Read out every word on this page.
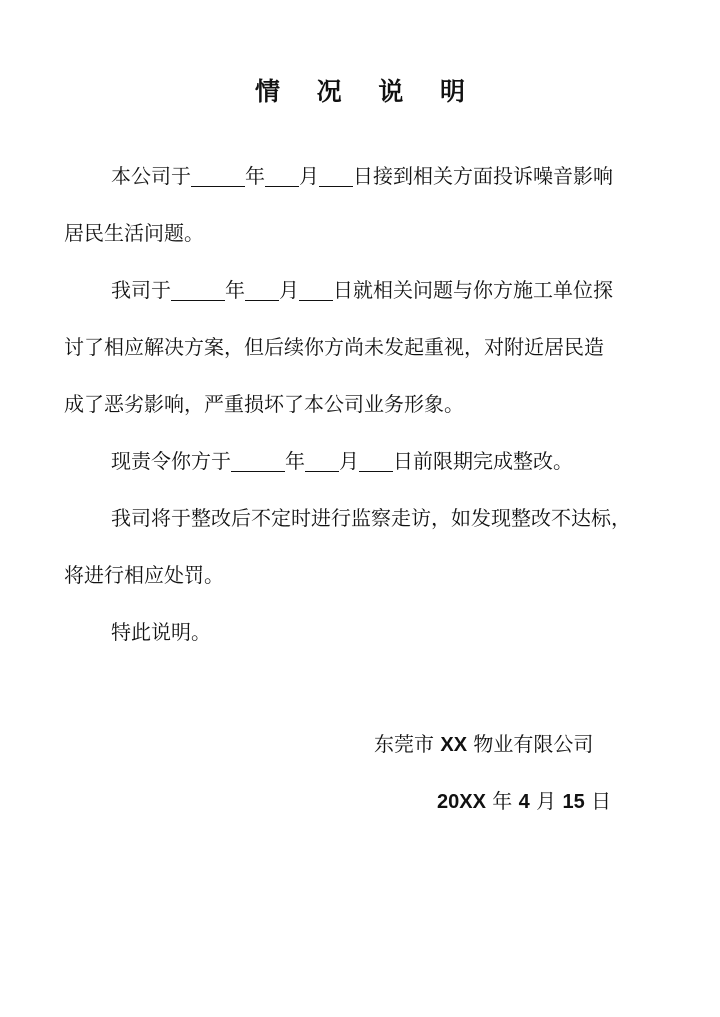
情 况 说 明
本公司于	年 月 日接到相关方面投诉噪音影响
居民生活问题。
我司于	年 月 日就相关问题与你方施工单位探
讨了相应解决方案，但后续你方尚未发起重视，对附近居民造
成了恶劣影响，严重损坏了本公司业务形象。
现责令你方于	年 月 日前限期完成整改。
我司将于整改后不定时进行监察走访，如发现整改不达标，
将进行相应处罚。
特此说明。
东莞市 XX 物业有限公司
20XX 年 4 月 15 日
